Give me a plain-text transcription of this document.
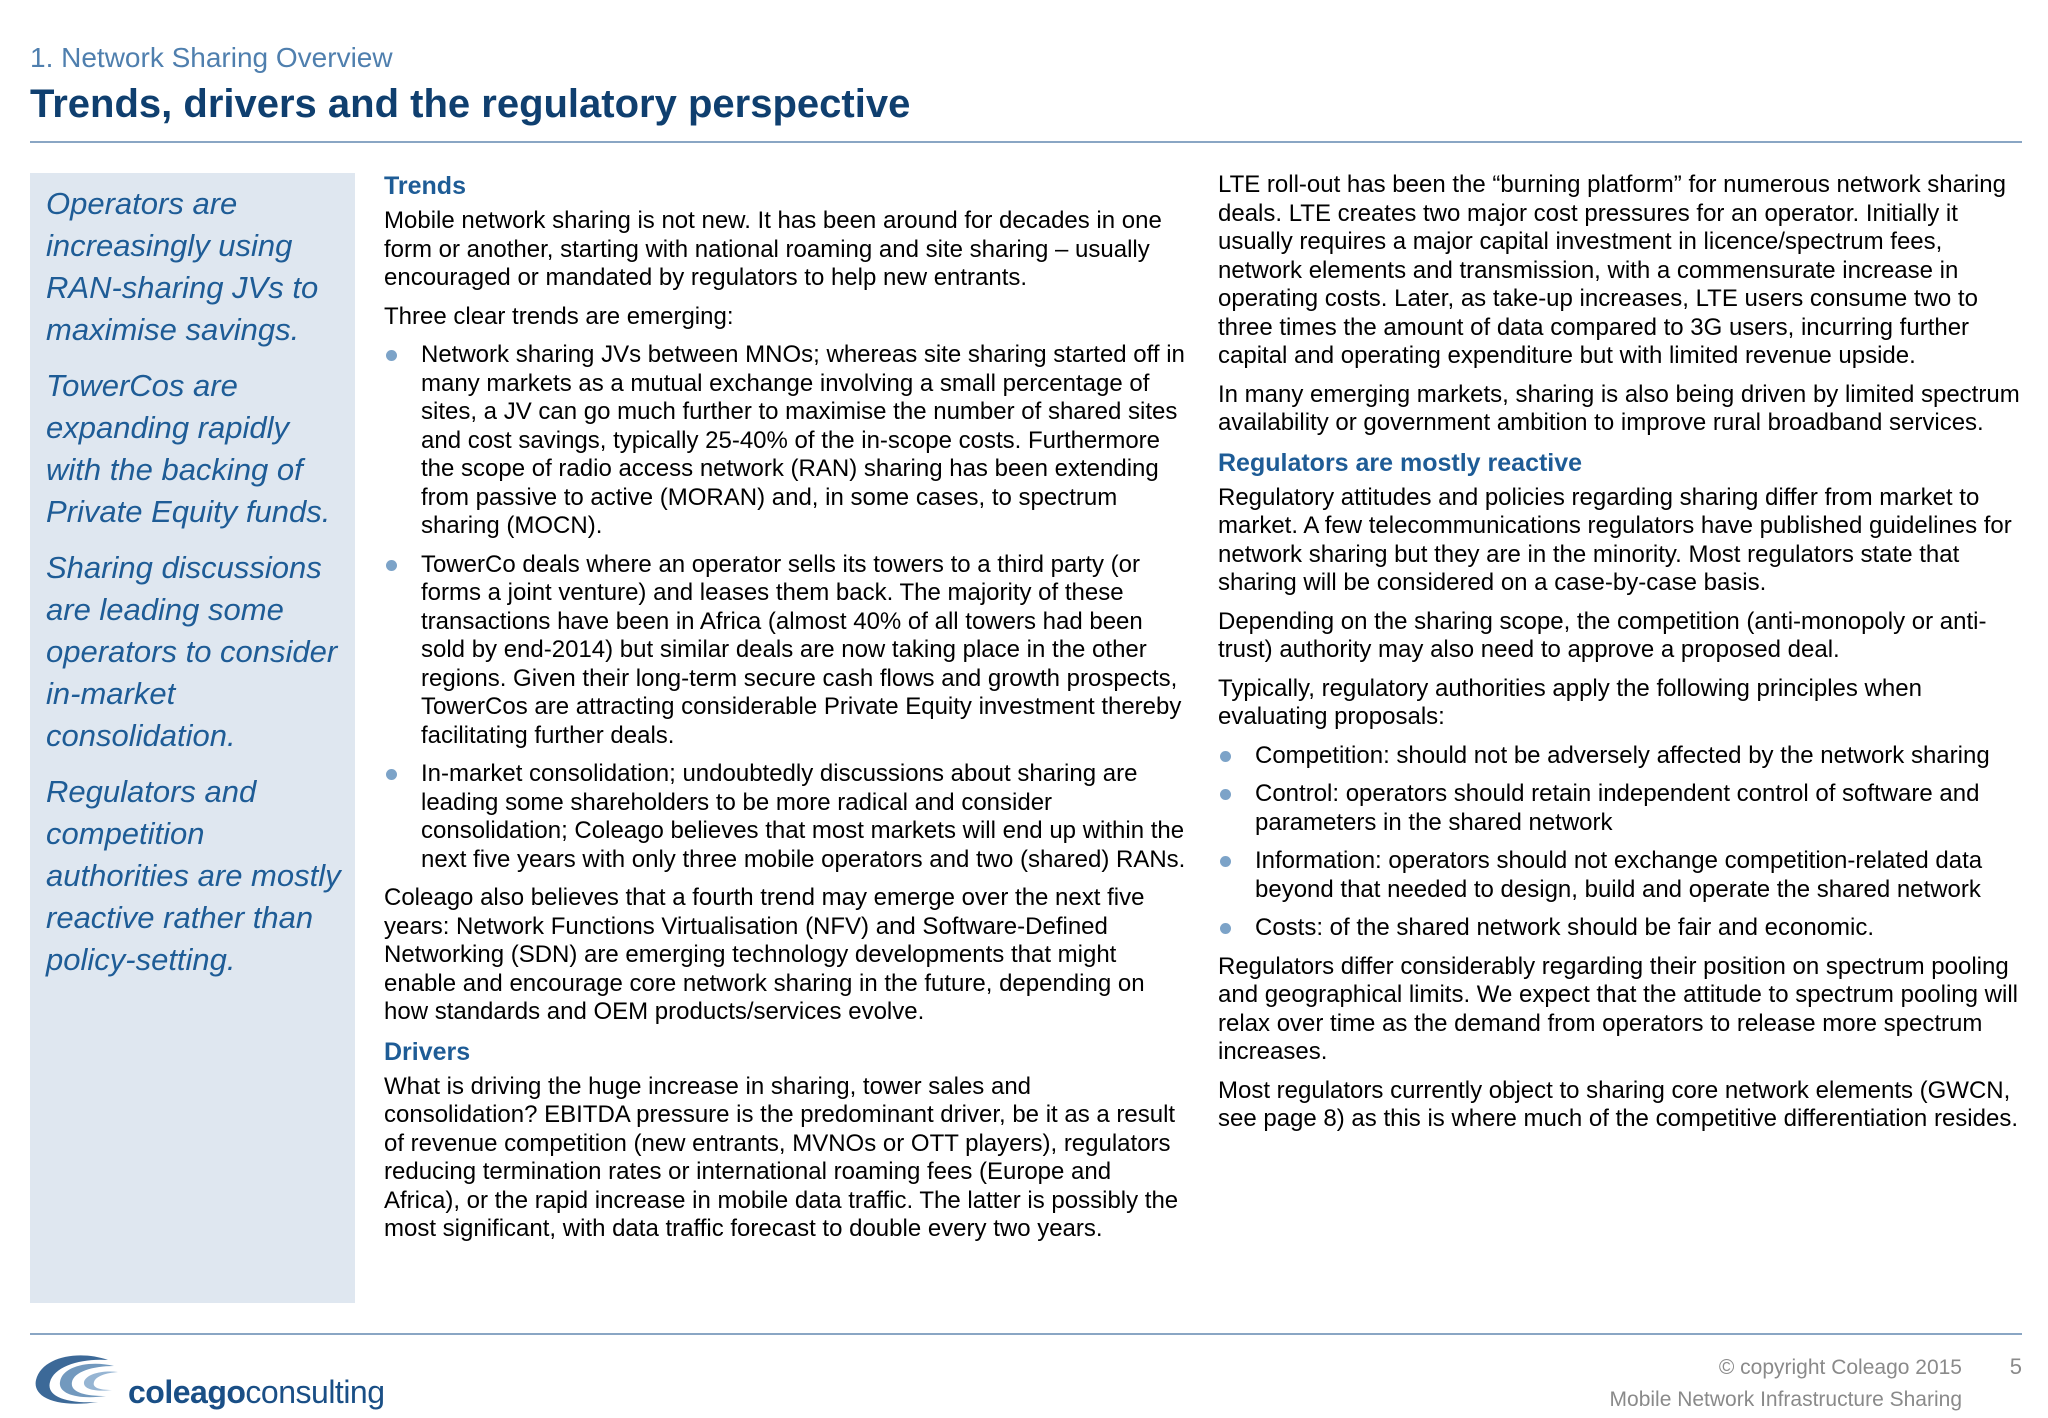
1. Network Sharing Overview
Trends, drivers and the regulatory perspective

Operators are increasingly using RAN-sharing JVs to maximise savings.

TowerCos are expanding rapidly with the backing of Private Equity funds.

Sharing discussions are leading some operators to consider in-market consolidation.

Regulators and competition authorities are mostly reactive rather than policy-setting.

Trends

Mobile network sharing is not new. It has been around for decades in one form or another, starting with national roaming and site sharing – usually encouraged or mandated by regulators to help new entrants.

Three clear trends are emerging:

Network sharing JVs between MNOs; whereas site sharing started off in many markets as a mutual exchange involving a small percentage of sites, a JV can go much further to maximise the number of shared sites and cost savings, typically 25-40% of the in-scope costs. Furthermore the scope of radio access network (RAN) sharing has been extending from passive to active (MORAN) and, in some cases, to spectrum sharing (MOCN).
TowerCo deals where an operator sells its towers to a third party (or forms a joint venture) and leases them back. The majority of these transactions have been in Africa (almost 40% of all towers had been sold by end-2014) but similar deals are now taking place in the other regions. Given their long-term secure cash flows and growth prospects, TowerCos are attracting considerable Private Equity investment thereby facilitating further deals.
In-market consolidation; undoubtedly discussions about sharing are leading some shareholders to be more radical and consider consolidation; Coleago believes that most markets will end up within the next five years with only three mobile operators and two (shared) RANs.

Coleago also believes that a fourth trend may emerge over the next five years: Network Functions Virtualisation (NFV) and Software-Defined Networking (SDN) are emerging technology developments that might enable and encourage core network sharing in the future, depending on how standards and OEM products/services evolve.

Drivers

What is driving the huge increase in sharing, tower sales and consolidation? EBITDA pressure is the predominant driver, be it as a result of revenue competition (new entrants, MVNOs or OTT players), regulators reducing termination rates or international roaming fees (Europe and Africa), or the rapid increase in mobile data traffic. The latter is possibly the most significant, with data traffic forecast to double every two years.

LTE roll-out has been the “burning platform” for numerous network sharing deals. LTE creates two major cost pressures for an operator. Initially it usually requires a major capital investment in licence/spectrum fees, network elements and transmission, with a commensurate increase in operating costs. Later, as take-up increases, LTE users consume two to three times the amount of data compared to 3G users, incurring further capital and operating expenditure but with limited revenue upside.

In many emerging markets, sharing is also being driven by limited spectrum availability or government ambition to improve rural broadband services.

Regulators are mostly reactive

Regulatory attitudes and policies regarding sharing differ from market to market. A few telecommunications regulators have published guidelines for network sharing but they are in the minority. Most regulators state that sharing will be considered on a case-by-case basis.

Depending on the sharing scope, the competition (anti-monopoly or anti-trust) authority may also need to approve a proposed deal.

Typically, regulatory authorities apply the following principles when evaluating proposals:

Competition: should not be adversely affected by the network sharing
Control: operators should retain independent control of software and parameters in the shared network
Information: operators should not exchange competition-related data beyond that needed to design, build and operate the shared network
Costs: of the shared network should be fair and economic.

Regulators differ considerably regarding their position on spectrum pooling and geographical limits. We expect that the attitude to spectrum pooling will relax over time as the demand from operators to release more spectrum increases.

Most regulators currently object to sharing core network elements (GWCN, see page 8) as this is where much of the competitive differentiation resides.

coleagoconsulting
© copyright Coleago 2015 5
Mobile Network Infrastructure Sharing
